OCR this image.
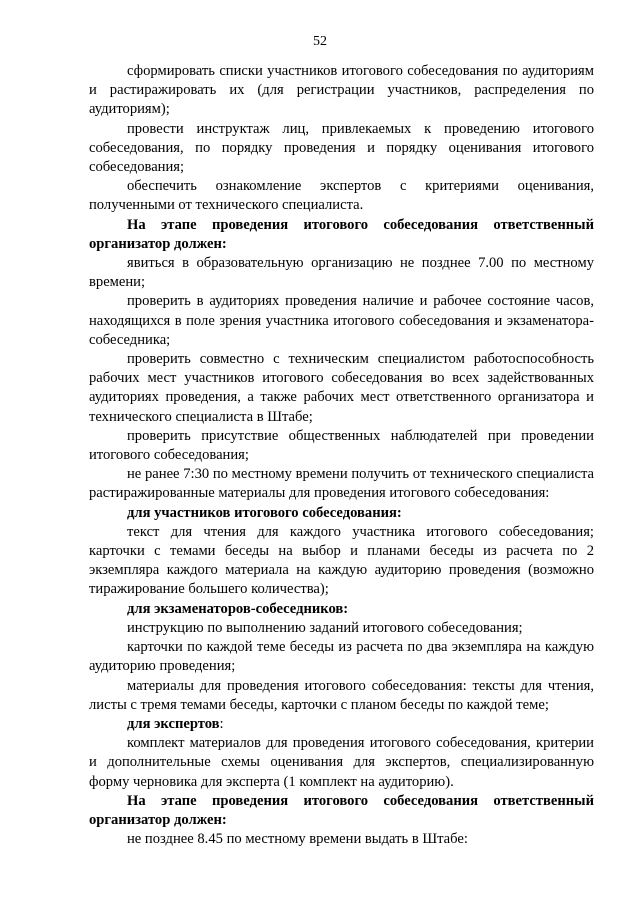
52

сформировать списки участников итогового собеседования по аудиториям и растиражировать их (для регистрации участников, распределения по аудиториям);

провести инструктаж лиц, привлекаемых к проведению итогового собеседования, по порядку проведения и порядку оценивания итогового собеседования;

обеспечить ознакомление экспертов с критериями оценивания, полученными от технического специалиста.

На этапе проведения итогового собеседования ответственный организатор должен:

явиться в образовательную организацию не позднее 7.00 по местному времени;

проверить в аудиториях проведения наличие и рабочее состояние часов, находящихся в поле зрения участника итогового собеседования и экзаменатора-собеседника;

проверить совместно с техническим специалистом работоспособность рабочих мест участников итогового собеседования во всех задействованных аудиториях проведения, а также рабочих мест ответственного организатора и технического специалиста в Штабе;

проверить присутствие общественных наблюдателей при проведении итогового собеседования;

не ранее 7:30 по местному времени получить от технического специалиста растиражированные материалы для проведения итогового собеседования:

для участников итогового собеседования:

текст для чтения для каждого участника итогового собеседования; карточки с темами беседы на выбор и планами беседы из расчета по 2 экземпляра каждого материала на каждую аудиторию проведения (возможно тиражирование большего количества);

для экзаменаторов-собеседников:

инструкцию по выполнению заданий итогового собеседования;

карточки по каждой теме беседы из расчета по два экземпляра на каждую аудиторию проведения;

материалы для проведения итогового собеседования: тексты для чтения, листы с тремя темами беседы, карточки с планом беседы по каждой теме;

для экспертов:

комплект материалов для проведения итогового собеседования, критерии и дополнительные схемы оценивания для экспертов, специализированную форму черновика для эксперта (1 комплект на аудиторию).

На этапе проведения итогового собеседования ответственный организатор должен:

не позднее 8.45 по местному времени выдать в Штабе:
